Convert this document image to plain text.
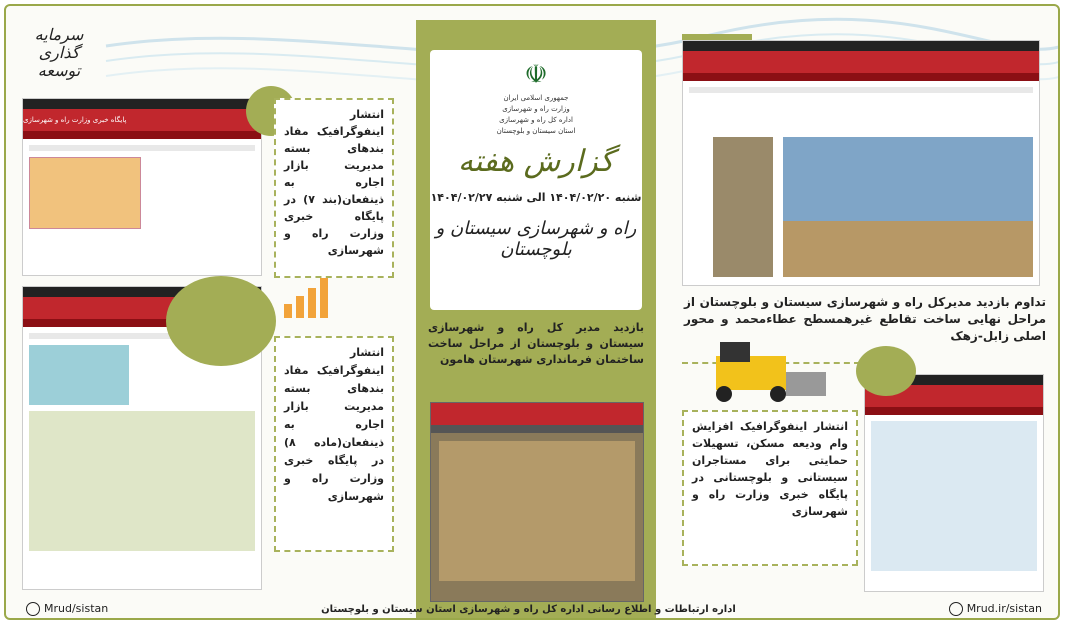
سرمایه گذاری توسعه
پایگاه خبری وزارت راه و شهرسازی	انتشار اینفوگرافیک مفاد بندهای بسته مدیریت بازار اجاره به ذینفعان(بند ۷) در پایگاه خبری وزارت راه و شهرسازی
انتشار اینفوگرافیک مفاد بندهای بسته مدیریت بازار اجاره به ذینفعان(ماده ۸) در پایگاه خبری وزارت راه و شهرسازی
☫
جمهوری اسلامی ایران
وزارت راه و شهرسازی
اداره کل راه و شهرسازی
استان سیستان و بلوچستان
گزارش هفته
شنبه ۱۴۰۴/۰۲/۲۰ الی شنبه ۱۴۰۴/۰۲/۲۷
راه و شهرسازی سیستان و بلوچستان
بازدید مدیر کل راه و شهرسازی سیستان و بلوچستان از مراحل ساخت ساختمان فرمانداری شهرستان هامون
تداوم بازدید مدیرکل راه و شهرسازی سیستان و بلوچستان از مراحل نهایی ساخت تقاطع غیرهمسطح عطاءمحمد و محور اصلی زابل-زهک
انتشار اینفوگرافیک افزایش وام ودیعه مسکن، تسهیلات حمایتی برای مستاجران سیستانی و بلوچستانی در پایگاه خبری وزارت راه و شهرسازی
Mrud/sistan	اداره ارتباطات و اطلاع رسانی اداره کل راه و شهرسازی استان سیستان و بلوچستان	Mrud.ir/sistan
